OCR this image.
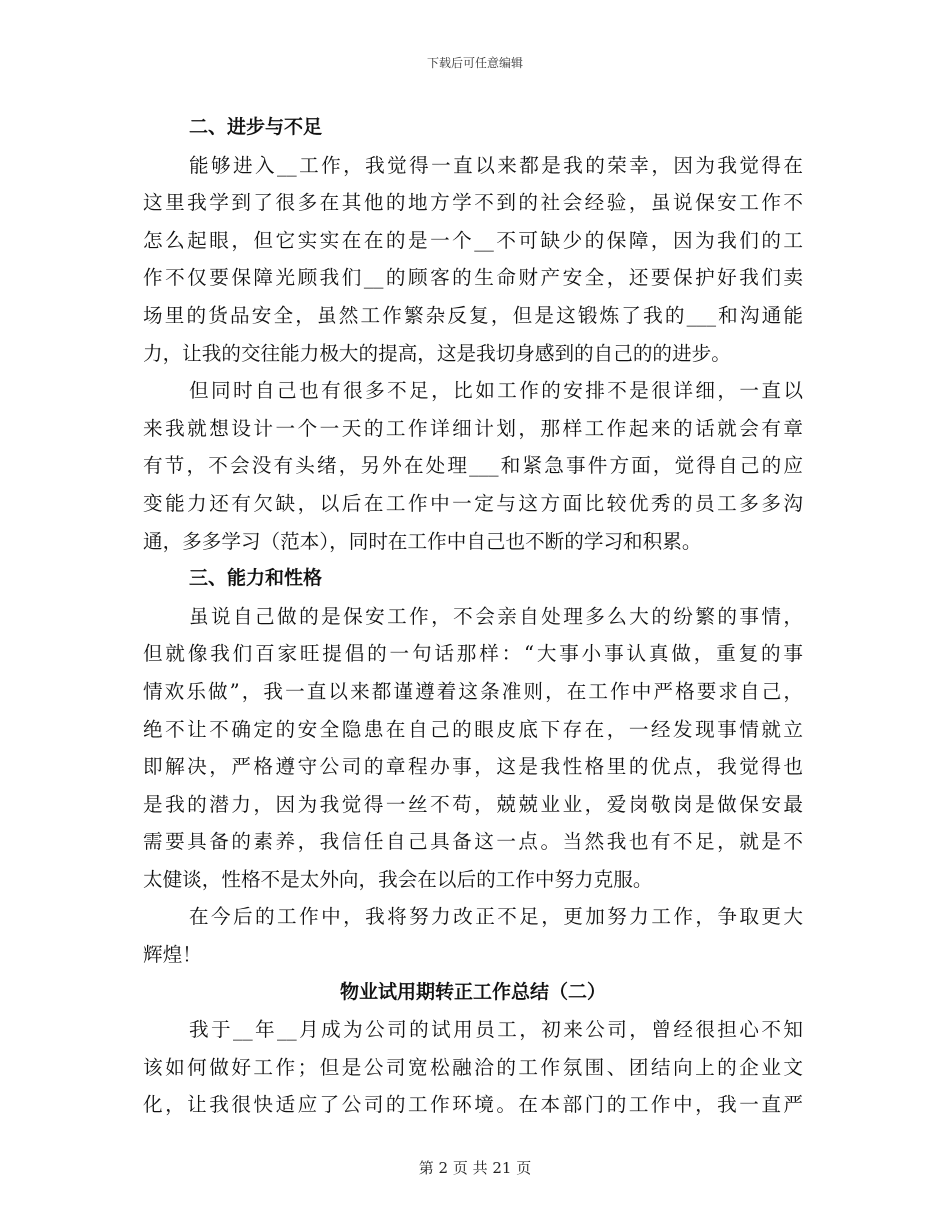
下载后可任意编辑
二、进步与不足
能够进入__工作，我觉得一直以来都是我的荣幸，因为我觉得在
这里我学到了很多在其他的地方学不到的社会经验，虽说保安工作不
怎么起眼，但它实实在在的是一个__不可缺少的保障，因为我们的工
作不仅要保障光顾我们__的顾客的生命财产安全，还要保护好我们卖
场里的货品安全，虽然工作繁杂反复，但是这锻炼了我的___和沟通能
力，让我的交往能力极大的提高，这是我切身感到的自己的的进步。
但同时自己也有很多不足，比如工作的安排不是很详细，一直以
来我就想设计一个一天的工作详细计划，那样工作起来的话就会有章
有节，不会没有头绪，另外在处理___和紧急事件方面，觉得自己的应
变能力还有欠缺，以后在工作中一定与这方面比较优秀的员工多多沟
通，多多学习（范本），同时在工作中自己也不断的学习和积累。
三、能力和性格
虽说自己做的是保安工作，不会亲自处理多么大的纷繁的事情，
但就像我们百家旺提倡的一句话那样：“大事小事认真做，重复的事
情欢乐做”，我一直以来都谨遵着这条准则，在工作中严格要求自己，
绝不让不确定的安全隐患在自己的眼皮底下存在，一经发现事情就立
即解决，严格遵守公司的章程办事，这是我性格里的优点，我觉得也
是我的潜力，因为我觉得一丝不苟，兢兢业业，爱岗敬岗是做保安最
需要具备的素养，我信任自己具备这一点。当然我也有不足，就是不
太健谈，性格不是太外向，我会在以后的工作中努力克服。
在今后的工作中，我将努力改正不足，更加努力工作，争取更大
辉煌！
物业试用期转正工作总结（二）
我于__年__月成为公司的试用员工，初来公司，曾经很担心不知
该如何做好工作；但是公司宽松融洽的工作氛围、团结向上的企业文
化，让我很快适应了公司的工作环境。在本部门的工作中，我一直严
第 2 页 共 21 页
